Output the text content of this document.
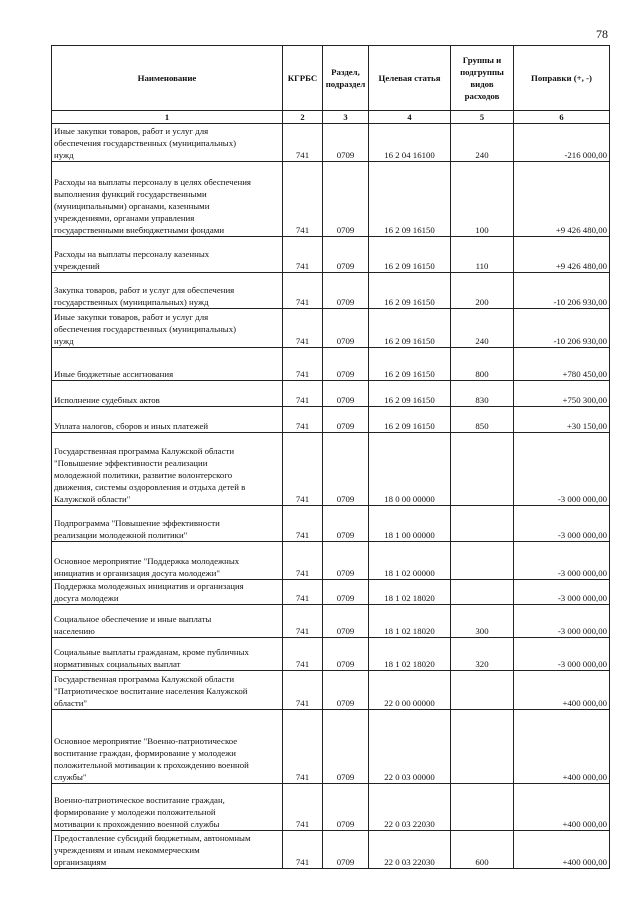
78
Наименование	КГРБС	Раздел, подраздел	Целевая статья	Группы и подгруппы видов расходов	Поправки (+, -)
1	2	3	4	5	6
Иные закупки товаров, работ и услуг для
обеспечения государственных (муниципальных)
нужд	741	0709	16 2 04 16100	240	-216 000,00
Расходы на выплаты персоналу в целях обеспечения
выполнения функций государственными
(муниципальными) органами, казенными
учреждениями, органами управления
государственными внебюджетными фондами	741	0709	16 2 09 16150	100	+9 426 480,00
Расходы на выплаты персоналу казенных
учреждений	741	0709	16 2 09 16150	110	+9 426 480,00
Закупка товаров, работ и услуг для обеспечения
государственных (муниципальных) нужд	741	0709	16 2 09 16150	200	-10 206 930,00
Иные закупки товаров, работ и услуг для
обеспечения государственных (муниципальных)
нужд	741	0709	16 2 09 16150	240	-10 206 930,00
Иные бюджетные ассигнования	741	0709	16 2 09 16150	800	+780 450,00
Исполнение судебных актов	741	0709	16 2 09 16150	830	+750 300,00
Уплата налогов, сборов и иных платежей	741	0709	16 2 09 16150	850	+30 150,00
Государственная программа Калужской области
"Повышение эффективности реализации
молодежной политики, развитие волонтерского
движения, системы оздоровления и отдыха детей в
Калужской области"	741	0709	18 0 00 00000		-3 000 000,00
Подпрограмма "Повышение эффективности
реализации молодежной политики"	741	0709	18 1 00 00000		-3 000 000,00
Основное мероприятие "Поддержка молодежных
инициатив и организация досуга молодежи"	741	0709	18 1 02 00000		-3 000 000,00
Поддержка молодежных инициатив и организация
досуга молодежи	741	0709	18 1 02 18020		-3 000 000,00
Социальное обеспечение и иные выплаты
населению	741	0709	18 1 02 18020	300	-3 000 000,00
Социальные выплаты гражданам, кроме публичных
нормативных социальных выплат	741	0709	18 1 02 18020	320	-3 000 000,00
Государственная программа Калужской области
"Патриотическое воспитание населения Калужской
области"	741	0709	22 0 00 00000		+400 000,00
Основное мероприятие "Военно-патриотическое
воспитание граждан, формирование у молодежи
положительной мотивации к прохождению военной
службы"	741	0709	22 0 03 00000		+400 000,00
Военно-патриотическое воспитание граждан,
формирование у молодежи положительной
мотивации к прохождению военной службы	741	0709	22 0 03 22030		+400 000,00
Предоставление субсидий бюджетным, автономным
учреждениям и иным некоммерческим
организациям	741	0709	22 0 03 22030	600	+400 000,00
